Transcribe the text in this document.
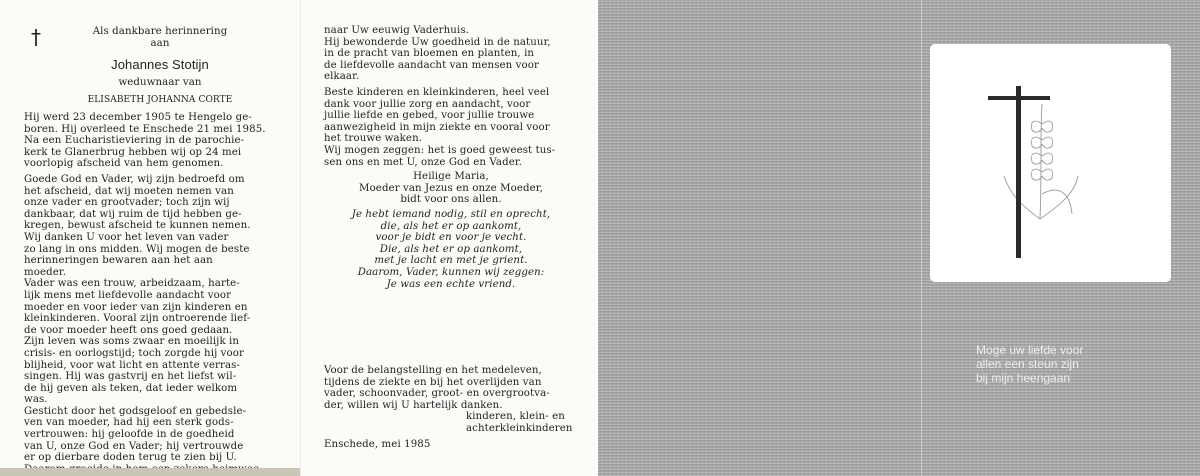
†	Als dankbare herinnering
aan
Johannes Stotijn
weduwnaar van
ELISABETH JOHANNA CORTE
Hij werd 23 december 1905 te Hengelo ge-
boren. Hij overleed te Enschede 21 mei 1985.
Na een Eucharistieviering in de parochie-
kerk te Glanerbrug hebben wij op 24 mei
voorlopig afscheid van hem genomen.
Goede God en Vader, wij zijn bedroefd om
het afscheid, dat wij moeten nemen van
onze vader en grootvader; toch zijn wij
dankbaar, dat wij ruim de tijd hebben ge-
kregen, bewust afscheid te kunnen nemen.
Wij danken U voor het leven van vader
zo lang in ons midden. Wij mogen de beste
herinneringen bewaren aan het aan
moeder.
Vader was een trouw, arbeidzaam, harte-
lijk mens met liefdevolle aandacht voor
moeder en voor ieder van zijn kinderen en
kleinkinderen. Vooral zijn ontroerende lief-
de voor moeder heeft ons goed gedaan.
Zijn leven was soms zwaar en moeilijk in
crisis- en oorlogstijd; toch zorgde hij voor
blijheid, voor wat licht en attente verras-
singen. Hij was gastvrij en het liefst wil-
de hij geven als teken, dat ieder welkom
was.
Gesticht door het godsgeloof en gebedsle-
ven van moeder, had hij een sterk gods-
vertrouwen: hij geloofde in de goedheid
van U, onze God en Vader; hij vertrouwde
er op dierbare doden terug te zien bij U.

naar Uw eeuwig Vaderhuis.
Hij bewonderde Uw goedheid in de natuur,
in de pracht van bloemen en planten, in
de liefdevolle aandacht van mensen voor
elkaar.
Beste kinderen en kleinkinderen, heel veel
dank voor jullie zorg en aandacht, voor
jullie liefde en gebed, voor jullie trouwe
aanwezigheid in mijn ziekte en vooral voor
het trouwe waken.
Wij mogen zeggen: het is goed geweest tus-
sen ons en met U, onze God en Vader.
Heilige Maria,
Moeder van Jezus en onze Moeder,
bidt voor ons allen.
Je hebt iemand nodig, stil en oprecht,
die, als het er op aankomt,
voor je bidt en voor je vecht.
Die, als het er op aankomt,
met je lacht en met je grient.
Daarom, Vader, kunnen wij zeggen:
Je was een echte vriend.
Voor de belangstelling en het medeleven,
tijdens de ziekte en bij het overlijden van
vader, schoonvader, groot- en overgrootva-
der, willen wij U hartelijk danken.
kinderen, klein- en
achterkleinkinderen
Enschede, mei 1985
Moge uw liefde voor
allen een steun zijn
bij mijn heengaan
